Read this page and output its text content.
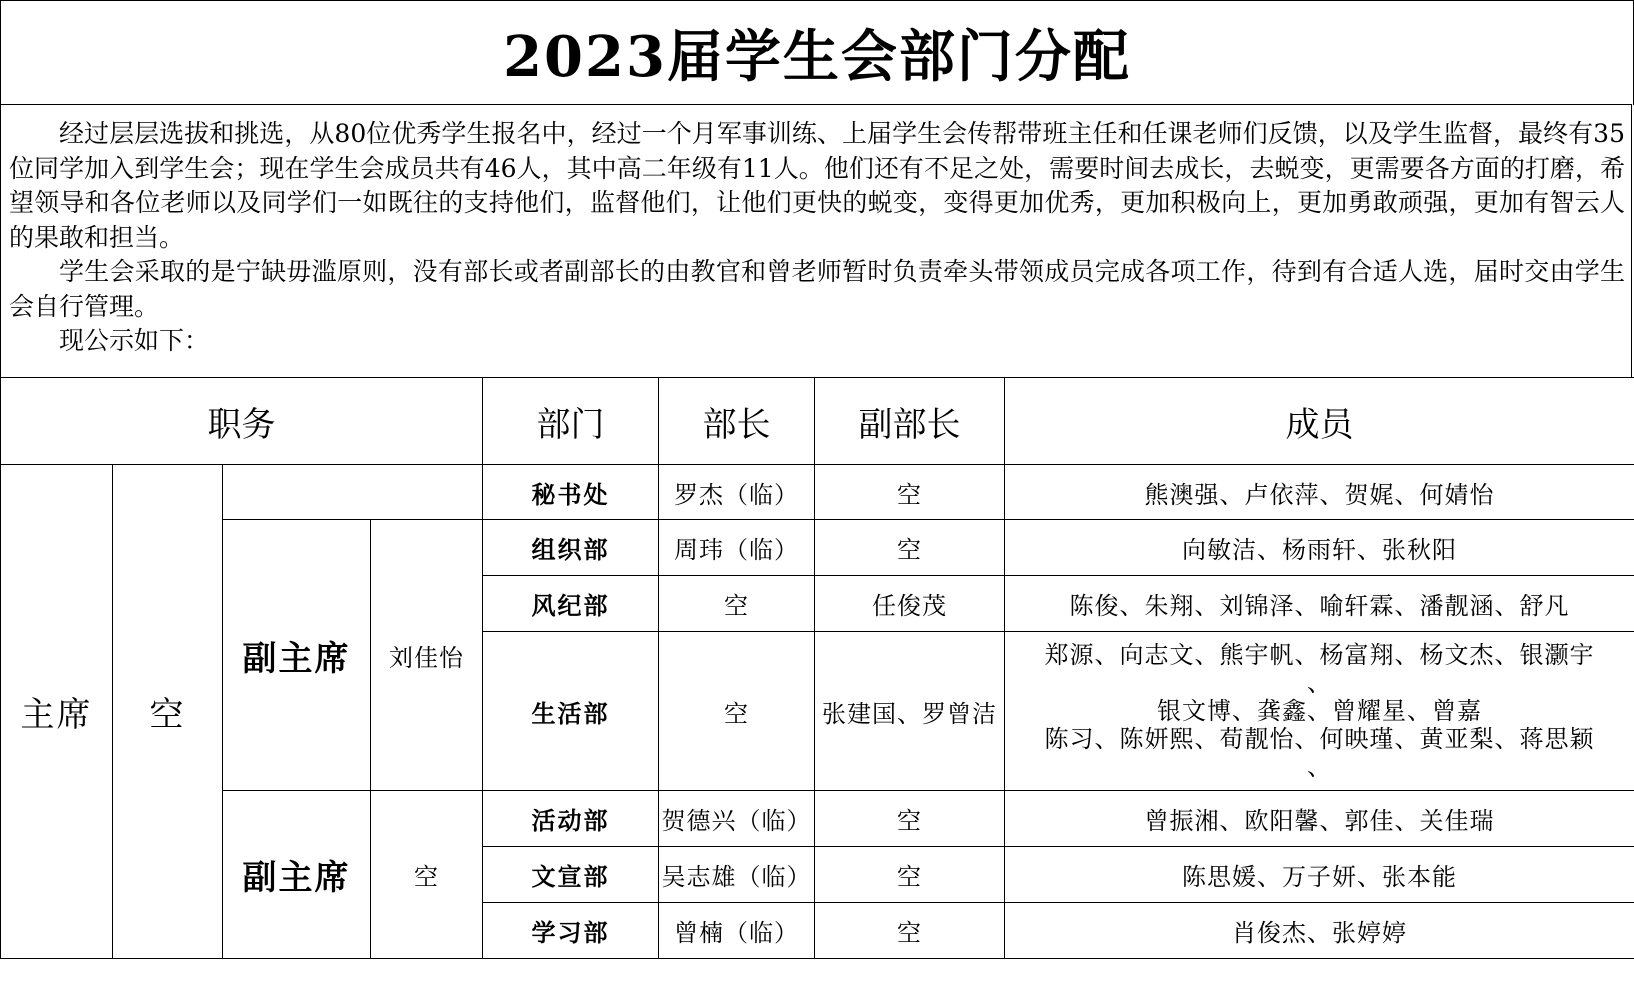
2023届学生会部门分配

经过层层选拔和挑选，从80位优秀学生报名中，经过一个月军事训练、上届学生会传帮带班主任和任课老师们反馈，以及学生监督，最终有35位同学加入到学生会；现在学生会成员共有46人，其中高二年级有11人。他们还有不足之处，需要时间去成长，去蜕变，更需要各方面的打磨，希望领导和各位老师以及同学们一如既往的支持他们，监督他们，让他们更快的蜕变，变得更加优秀，更加积极向上，更加勇敢顽强，更加有智云人的果敢和担当。

学生会采取的是宁缺毋滥原则，没有部长或者副部长的由教官和曾老师暂时负责牵头带领成员完成各项工作，待到有合适人选，届时交由学生会自行管理。

现公示如下：

职务				部门	部长	副部长	成员
主席	空			秘书处	罗杰（临）	空	熊澳强、卢依萍、贺娓、何婧怡
		副主席	刘佳怡	组织部	周玮（临）	空	向敏洁、杨雨轩、张秋阳
				风纪部	空	任俊茂	陈俊、朱翔、刘锦泽、喻轩霖、潘靓涵、舒凡
				生活部	空	张建国、罗曾洁	郑源、向志文、熊宇帆、杨富翔、杨文杰、银灏宇
、
银文博、龚鑫、曾耀星、曾嘉
陈习、陈妍熙、荀靓怡、何映瑾、黄亚梨、蒋思颖
、

		副主席	空	活动部	贺德兴（临）	空	曾振湘、欧阳馨、郭佳、关佳瑞
				文宣部	吴志雄（临）	空	陈思媛、万子妍、张本能
				学习部	曾楠（临）	空	肖俊杰、张婷婷
